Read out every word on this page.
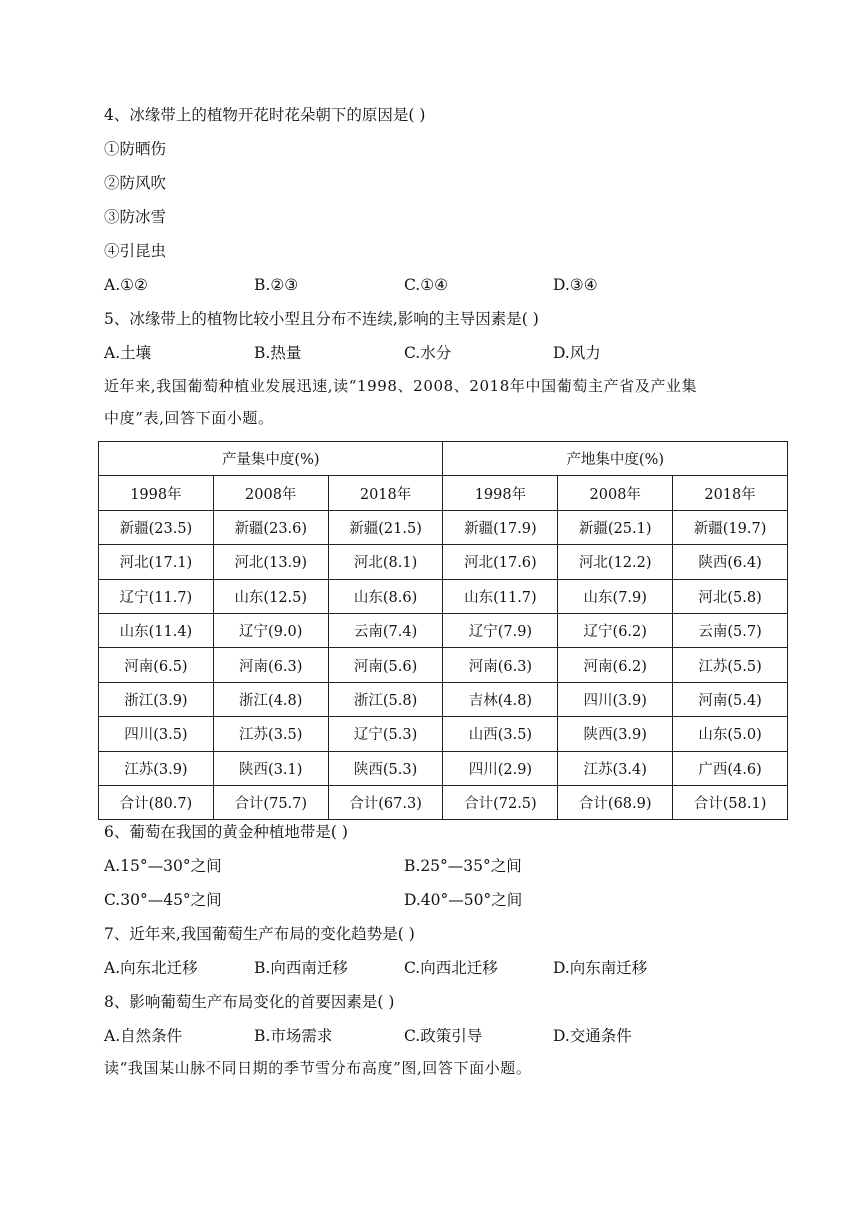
4、冰缘带上的植物开花时花朵朝下的原因是( )
①防晒伤
②防风吹
③防冰雪
④引昆虫
A.①②	B.②③	C.①④	D.③④
5、冰缘带上的植物比较小型且分布不连续,影响的主导因素是( )
A.土壤	B.热量	C.水分	D.风力
近年来,我国葡萄种植业发展迅速,读“1998、2008、2018年中国葡萄主产省及产业集
中度”表,回答下面小题。
产量集中度(%)			产地集中度(%)		
1998年	2008年	2018年	1998年	2008年	2018年
新疆(23.5)	新疆(23.6)	新疆(21.5)	新疆(17.9)	新疆(25.1)	新疆(19.7)
河北(17.1)	河北(13.9)	河北(8.1)	河北(17.6)	河北(12.2)	陕西(6.4)
辽宁(11.7)	山东(12.5)	山东(8.6)	山东(11.7)	山东(7.9)	河北(5.8)
山东(11.4)	辽宁(9.0)	云南(7.4)	辽宁(7.9)	辽宁(6.2)	云南(5.7)
河南(6.5)	河南(6.3)	河南(5.6)	河南(6.3)	河南(6.2)	江苏(5.5)
浙江(3.9)	浙江(4.8)	浙江(5.8)	吉林(4.8)	四川(3.9)	河南(5.4)
四川(3.5)	江苏(3.5)	辽宁(5.3)	山西(3.5)	陕西(3.9)	山东(5.0)
江苏(3.9)	陕西(3.1)	陕西(5.3)	四川(2.9)	江苏(3.4)	广西(4.6)
合计(80.7)	合计(75.7)	合计(67.3)	合计(72.5)	合计(68.9)	合计(58.1)
6、葡萄在我国的黄金种植地带是( )
A.15°—30°之间	B.25°—35°之间
C.30°—45°之间	D.40°—50°之间
7、近年来,我国葡萄生产布局的变化趋势是( )
A.向东北迁移	B.向西南迁移	C.向西北迁移	D.向东南迁移
8、影响葡萄生产布局变化的首要因素是( )
A.自然条件	B.市场需求	C.政策引导	D.交通条件
读“我国某山脉不同日期的季节雪分布高度”图,回答下面小题。
